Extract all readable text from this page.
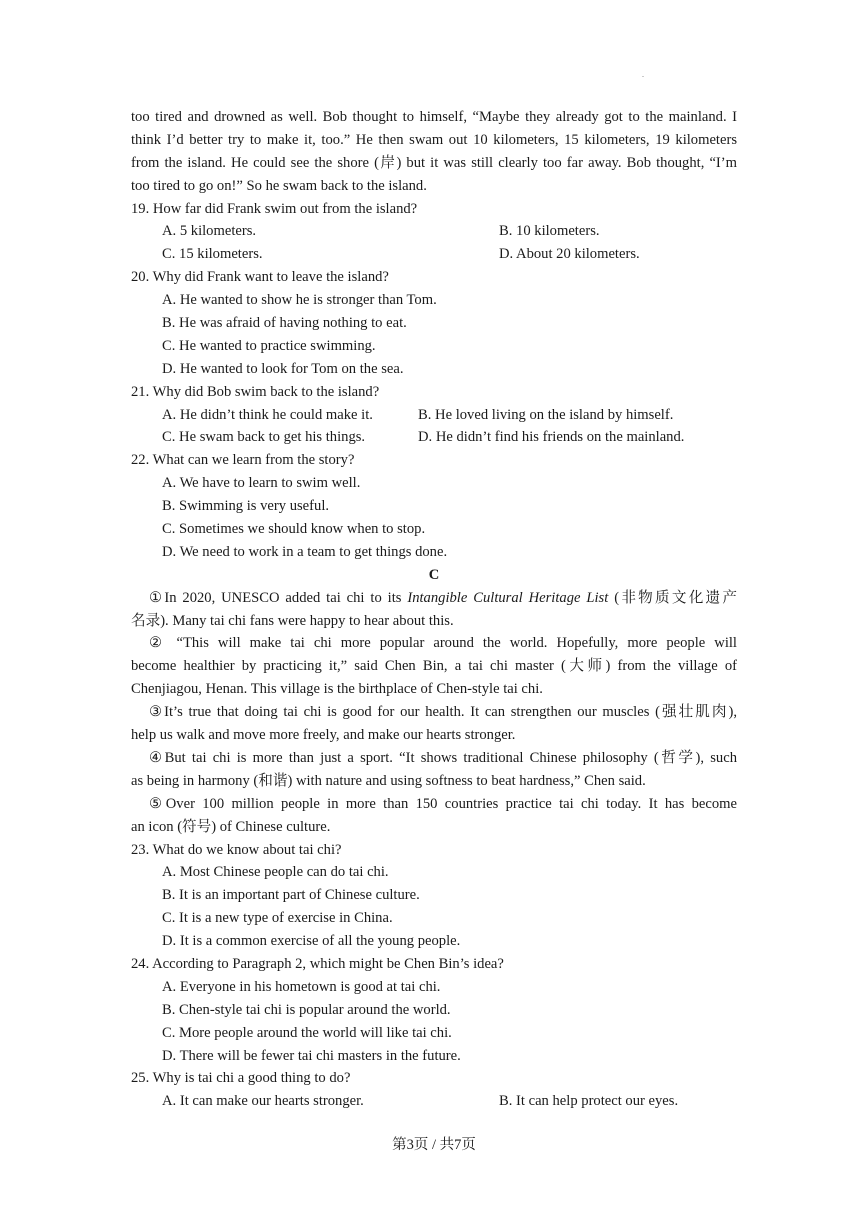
.
too tired and drowned as well. Bob thought to himself, “Maybe they already got to the mainland. I
think I’d better try to make it, too.” He then swam out 10 kilometers, 15 kilometers, 19 kilometers
from the island. He could see the shore (岸) but it was still clearly too far away. Bob thought, “I’m
too tired to go on!” So he swam back to the island.
19. How far did Frank swim out from the island?
A. 5 kilometers.	B. 10 kilometers.
C. 15 kilometers.	D. About 20 kilometers.
20. Why did Frank want to leave the island?
A. He wanted to show he is stronger than Tom.
B. He was afraid of having nothing to eat.
C. He wanted to practice swimming.
D. He wanted to look for Tom on the sea.
21. Why did Bob swim back to the island?
A. He didn’t think he could make it.	B. He loved living on the island by himself.
C. He swam back to get his things.	D. He didn’t find his friends on the mainland.
22. What can we learn from the story?
A. We have to learn to swim well.
B. Swimming is very useful.
C. Sometimes we should know when to stop.
D. We need to work in a team to get things done.
C
①In 2020, UNESCO added tai chi to its Intangible Cultural Heritage List (非物质文化遗产
名录). Many tai chi fans were happy to hear about this.
② “This will make tai chi more popular around the world. Hopefully, more people will
become healthier by practicing it,” said Chen Bin, a tai chi master (大师) from the village of
Chenjiagou, Henan. This village is the birthplace of Chen-style tai chi.
③It’s true that doing tai chi is good for our health. It can strengthen our muscles (强壮肌肉),
help us walk and move more freely, and make our hearts stronger.
④But tai chi is more than just a sport. “It shows traditional Chinese philosophy (哲学), such
as being in harmony (和谐) with nature and using softness to beat hardness,” Chen said.
⑤Over 100 million people in more than 150 countries practice tai chi today. It has become
an icon (符号) of Chinese culture.
23. What do we know about tai chi?
A. Most Chinese people can do tai chi.
B. It is an important part of Chinese culture.
C. It is a new type of exercise in China.
D. It is a common exercise of all the young people.
24. According to Paragraph 2, which might be Chen Bin’s idea?
A. Everyone in his hometown is good at tai chi.
B. Chen-style tai chi is popular around the world.
C. More people around the world will like tai chi.
D. There will be fewer tai chi masters in the future.
25. Why is tai chi a good thing to do?
A. It can make our hearts stronger.	B. It can help protect our eyes.
第3页 / 共7页
